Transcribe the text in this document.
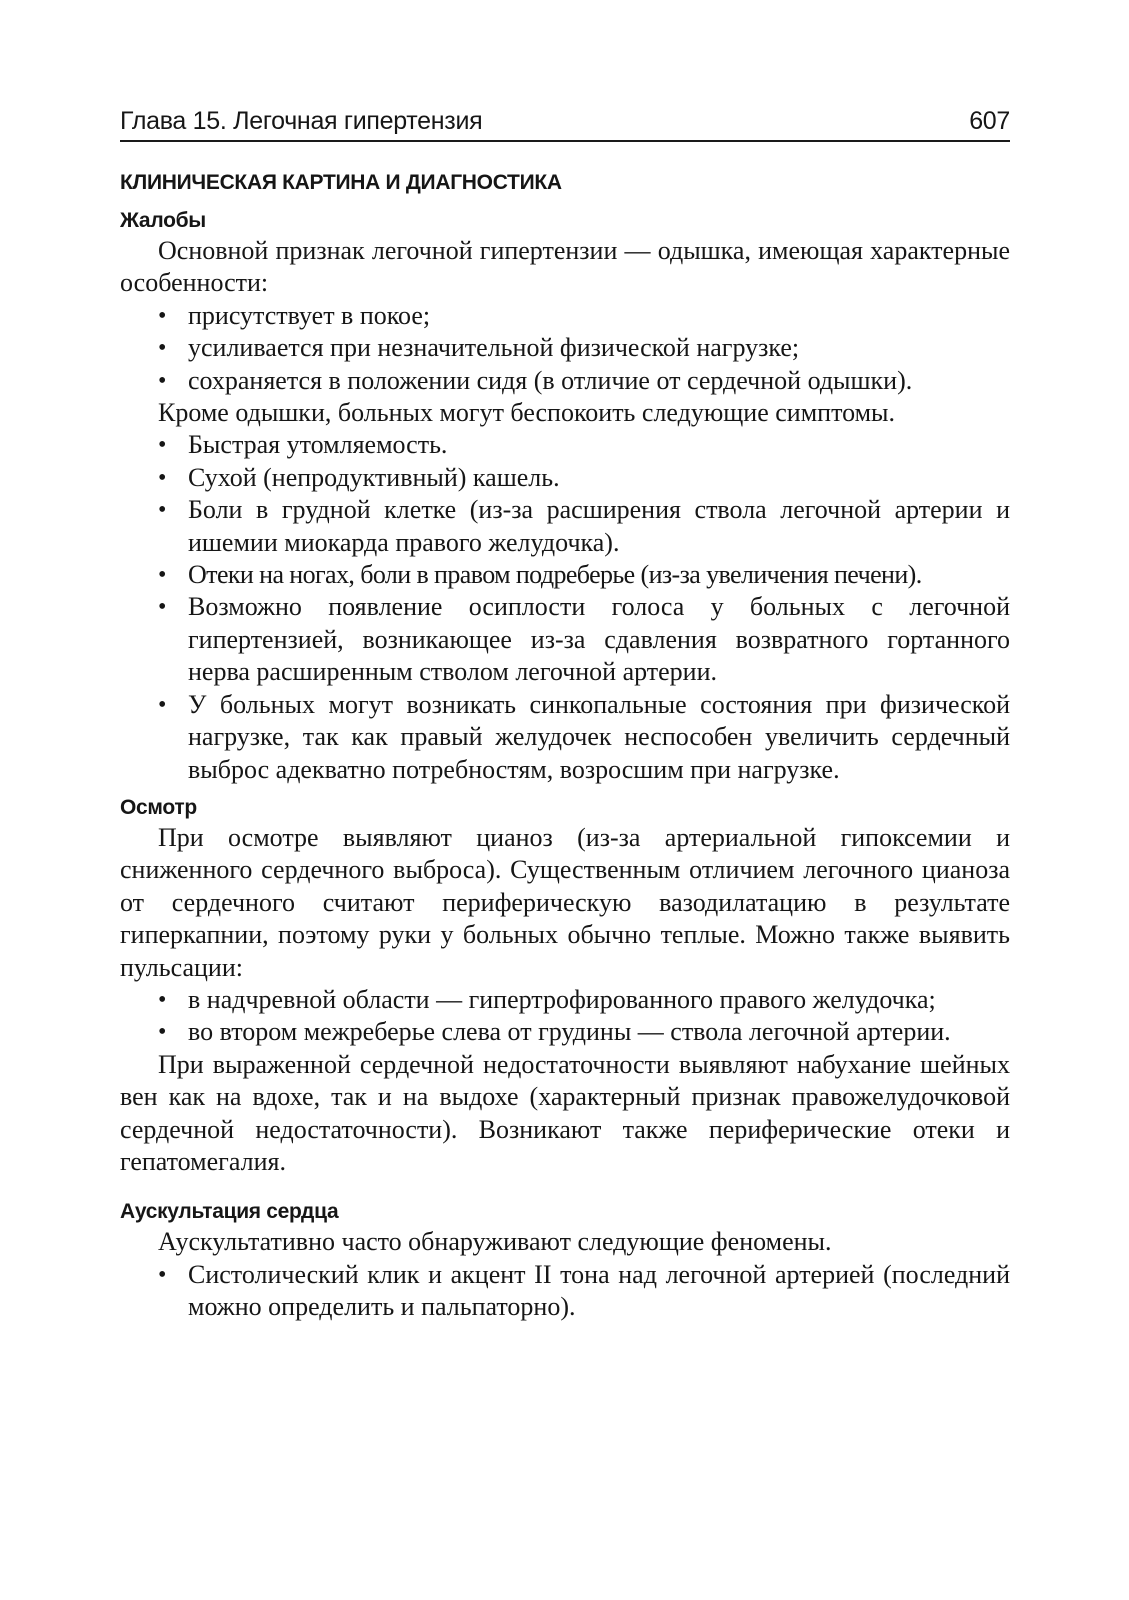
Глава 15. Легочная гипертензия	607
КЛИНИЧЕСКАЯ КАРТИНА И ДИАГНОСТИКА
Жалобы

Основной признак легочной гипертензии — одышка, имеющая характерные особенности:

• присутствует в покое;
• усиливается при незначительной физической нагрузке;
• сохраняется в положении сидя (в отличие от сердечной одышки).

Кроме одышки, больных могут беспокоить следующие симптомы.

• Быстрая утомляемость.
• Сухой (непродуктивный) кашель.
• Боли в грудной клетке (из-за расширения ствола легочной артерии и ишемии миокарда правого желудочка).
• Отеки на ногах, боли в правом подреберье (из-за увеличения печени).
• Возможно появление осиплости голоса у больных с легочной гипертензией, возникающее из-за сдавления возвратного гортанного нерва расширенным стволом легочной артерии.
• У больных могут возникать синкопальные состояния при физической нагрузке, так как правый желудочек неспособен увеличить сердечный выброс адекватно потребностям, возросшим при нагрузке.
Осмотр

При осмотре выявляют цианоз (из-за артериальной гипоксемии и сниженного сердечного выброса). Существенным отличием легочного цианоза от сердечного считают периферическую вазодилатацию в результате гиперкапнии, поэтому руки у больных обычно теплые. Можно также выявить пульсации:

• в надчревной области — гипертрофированного правого желудочка;
• во втором межреберье слева от грудины — ствола легочной артерии.

При выраженной сердечной недостаточности выявляют набухание шейных вен как на вдохе, так и на выдохе (характерный признак правожелудочковой сердечной недостаточности). Возникают также периферические отеки и гепатомегалия.

Аускультация сердца

Аускультативно часто обнаруживают следующие феномены.

• Систолический клик и акцент II тона над легочной артерией (последний можно определить и пальпаторно).
